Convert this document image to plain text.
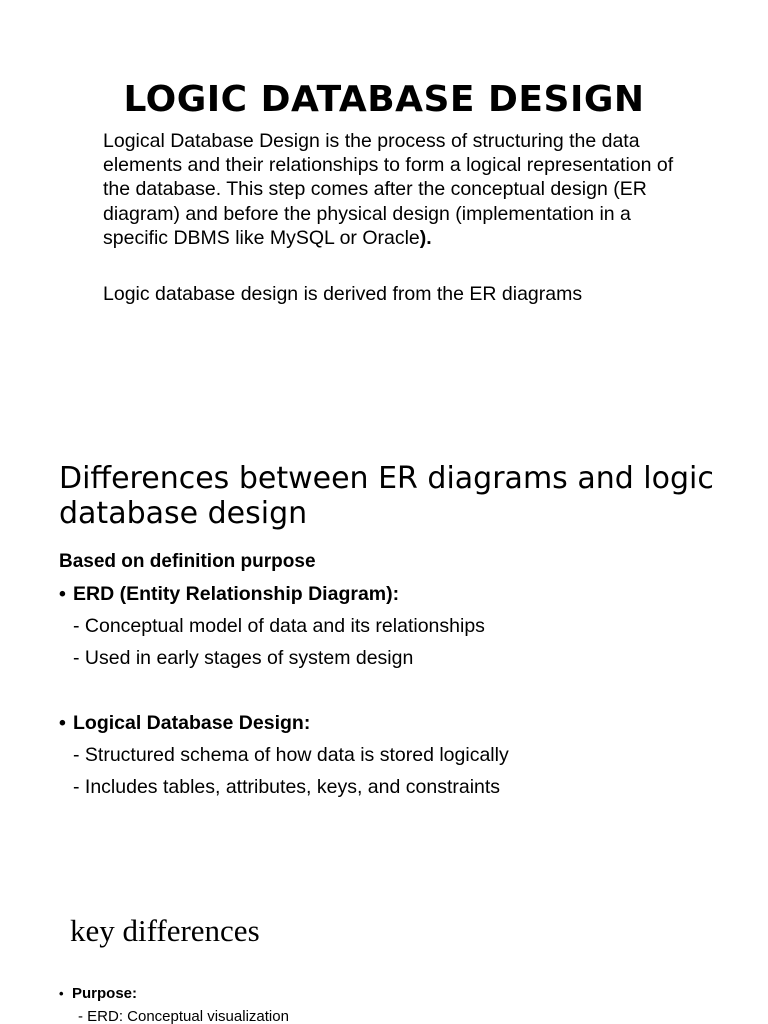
LOGIC DATABASE DESIGN

Logical Database Design is the process of structuring the data elements and their relationships to form a logical representation of the database. This step comes after the conceptual design (ER diagram) and before the physical design (implementation in a specific DBMS like MySQL or Oracle).

Logic database design is derived from the ER diagrams

Differences between ER diagrams and logic database design

Based on definition purpose

• ERD (Entity Relationship Diagram):
- Conceptual model of data and its relationships
- Used in early stages of system design
• Logical Database Design:
- Structured schema of how data is stored logically
- Includes tables, attributes, keys, and constraints
key differences
• Purpose:
- ERD: Conceptual visualization
